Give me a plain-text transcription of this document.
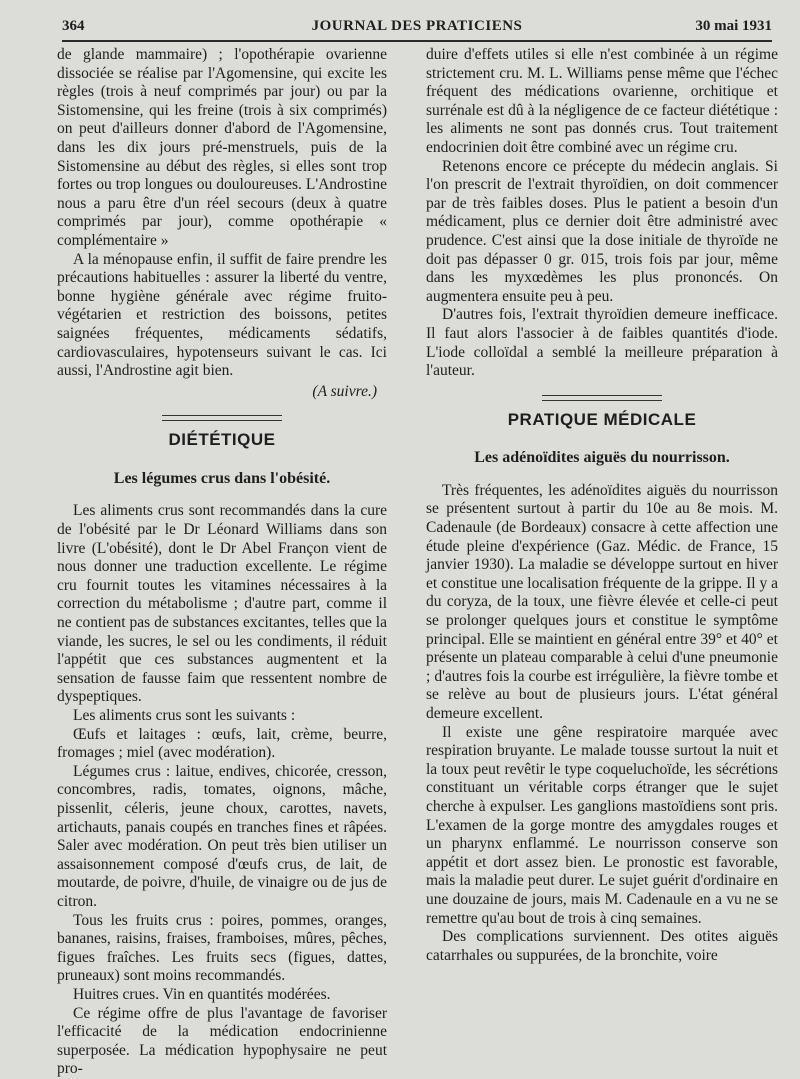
364	JOURNAL DES PRATICIENS	30 mai 1931

de glande mammaire) ; l'opothérapie ovarienne dissociée se réalise par l'Agomensine, qui excite les règles (trois à neuf comprimés par jour) ou par la Sistomensine, qui les freine (trois à six comprimés) on peut d'ailleurs donner d'abord de l'Agomensine, dans les dix jours pré-menstruels, puis de la Sistomensine au début des règles, si elles sont trop fortes ou trop longues ou douloureuses. L'Androstine nous a paru être d'un réel secours (deux à quatre comprimés par jour), comme opothérapie « complémentaire »

A la ménopause enfin, il suffit de faire prendre les précautions habituelles : assurer la liberté du ventre, bonne hygiène générale avec régime fruito-végétarien et restriction des boissons, petites saignées fréquentes, médicaments sédatifs, cardiovasculaires, hypotenseurs suivant le cas. Ici aussi, l'Androstine agit bien.

(A suivre.)
DIÉTÉTIQUE
Les légumes crus dans l'obésité.

Les aliments crus sont recommandés dans la cure de l'obésité par le Dr Léonard Williams dans son livre (L'obésité), dont le Dr Abel Françon vient de nous donner une traduction excellente. Le régime cru fournit toutes les vitamines nécessaires à la correction du métabolisme ; d'autre part, comme il ne contient pas de substances excitantes, telles que la viande, les sucres, le sel ou les condiments, il réduit l'appétit que ces substances augmentent et la sensation de fausse faim que ressentent nombre de dyspeptiques.

Les aliments crus sont les suivants :

Œufs et laitages : œufs, lait, crème, beurre, fromages ; miel (avec modération).

Légumes crus : laitue, endives, chicorée, cresson, concombres, radis, tomates, oignons, mâche, pissenlit, céleris, jeune choux, carottes, navets, artichauts, panais coupés en tranches fines et râpées. Saler avec modération. On peut très bien utiliser un assaisonnement composé d'œufs crus, de lait, de moutarde, de poivre, d'huile, de vinaigre ou de jus de citron.

Tous les fruits crus : poires, pommes, oranges, bananes, raisins, fraises, framboises, mûres, pêches, figues fraîches. Les fruits secs (figues, dattes, pruneaux) sont moins recommandés.

Huitres crues. Vin en quantités modérées.

Ce régime offre de plus l'avantage de favoriser l'efficacité de la médication endocrinienne superposée. La médication hypophysaire ne peut pro-

duire d'effets utiles si elle n'est combinée à un régime strictement cru. M. L. Williams pense même que l'échec fréquent des médications ovarienne, orchitique et surrénale est dû à la négligence de ce facteur diététique : les aliments ne sont pas donnés crus. Tout traitement endocrinien doit être combiné avec un régime cru.

Retenons encore ce précepte du médecin anglais. Si l'on prescrit de l'extrait thyroïdien, on doit commencer par de très faibles doses. Plus le patient a besoin d'un médicament, plus ce dernier doit être administré avec prudence. C'est ainsi que la dose initiale de thyroïde ne doit pas dépasser 0 gr. 015, trois fois par jour, même dans les myxœdèmes les plus prononcés. On augmentera ensuite peu à peu.

D'autres fois, l'extrait thyroïdien demeure inefficace. Il faut alors l'associer à de faibles quantités d'iode. L'iode colloïdal a semblé la meilleure préparation à l'auteur.

PRATIQUE MÉDICALE
Les adénoïdites aiguës du nourrisson.

Très fréquentes, les adénoïdites aiguës du nourrisson se présentent surtout à partir du 10e au 8e mois. M. Cadenaule (de Bordeaux) consacre à cette affection une étude pleine d'expérience (Gaz. Médic. de France, 15 janvier 1930). La maladie se développe surtout en hiver et constitue une localisation fréquente de la grippe. Il y a du coryza, de la toux, une fièvre élevée et celle-ci peut se prolonger quelques jours et constitue le symptôme principal. Elle se maintient en général entre 39° et 40° et présente un plateau comparable à celui d'une pneumonie ; d'autres fois la courbe est irrégulière, la fièvre tombe et se relève au bout de plusieurs jours. L'état général demeure excellent.

Il existe une gêne respiratoire marquée avec respiration bruyante. Le malade tousse surtout la nuit et la toux peut revêtir le type coqueluchoïde, les sécrétions constituant un véritable corps étranger que le sujet cherche à expulser. Les ganglions mastoïdiens sont pris. L'examen de la gorge montre des amygdales rouges et un pharynx enflammé. Le nourrisson conserve son appétit et dort assez bien. Le pronostic est favorable, mais la maladie peut durer. Le sujet guérit d'ordinaire en une douzaine de jours, mais M. Cadenaule en a vu ne se remettre qu'au bout de trois à cinq semaines.

Des complications surviennent. Des otites aiguës catarrhales ou suppurées, de la bronchite, voire
